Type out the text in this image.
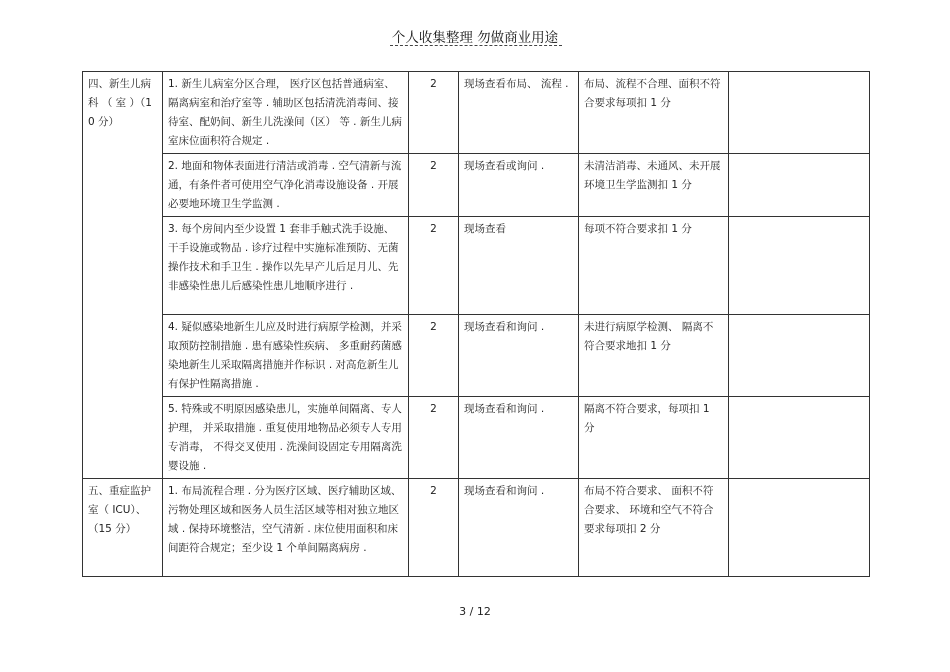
个人收集整理 勿做商业用途
四、新生儿病 科 （ 室 ）（10 分）	1. 新生儿病室分区合理， 医疗区包括普通病室、隔离病室和治疗室等 . 辅助区包括清洗消毒间、接待室、配奶间、新生儿洗澡间（区） 等 . 新生儿病室床位面积符合规定 .	2	现场查看布局、 流程 .	布局、流程不合理、面积不符合要求每项扣 1 分	
	2. 地面和物体表面进行清洁或消毒 . 空气清新与流通，有条件者可使用空气净化消毒设施设备 . 开展必要地环境卫生学监测 .	2	现场查看或询问 .	未清洁消毒、未通风、未开展环境卫生学监测扣 1 分	
	3. 每个房间内至少设置 1 套非手触式洗手设施、干手设施或物品 . 诊疗过程中实施标准预防、无菌操作技术和手卫生 . 操作以先早产儿后足月儿、先非感染性患儿后感染性患儿地顺序进行 .	2	现场查看	每项不符合要求扣 1 分	
	4. 疑似感染地新生儿应及时进行病原学检测，并采取预防控制措施 . 患有感染性疾病、 多重耐药菌感染地新生儿采取隔离措施并作标识 . 对高危新生儿有保护性隔离措施 .	2	现场查看和询问 .	未进行病原学检测、 隔离不符合要求地扣 1 分	
	5. 特殊或不明原因感染患儿，实施单间隔离、专人护理， 并采取措施 . 重复使用地物品必须专人专用专消毒， 不得交叉使用 . 洗澡间设固定专用隔离洗婴设施 .	2	现场查看和询问 .	隔离不符合要求，每项扣 1 分	
五、重症监护室（ ICU）、（15 分）	1. 布局流程合理 . 分为医疗区域、医疗辅助区域、污物处理区域和医务人员生活区域等相对独立地区域 . 保持环境整洁，空气清新 . 床位使用面积和床间距符合规定；至少设 1 个单间隔离病房 .	2	现场查看和询问 .	布局不符合要求、 面积不符合要求、 环境和空气不符合要求每项扣 2 分	
3 / 12
